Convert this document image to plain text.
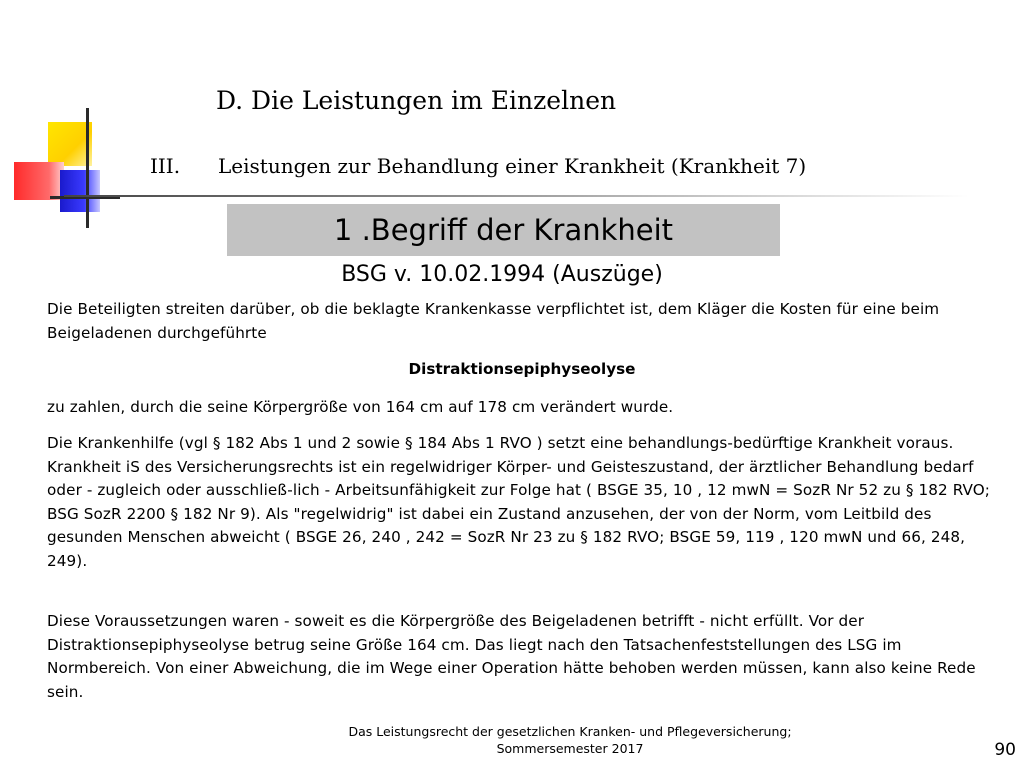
D. Die Leistungen im Einzelnen
III. Leistungen zur Behandlung einer Krankheit (Krankheit 7)
1 .Begriff der Krankheit
BSG v. 10.02.1994 (Auszüge)
Die Beteiligten streiten darüber, ob die beklagte Krankenkasse verpflichtet ist, dem Kläger die Kosten für eine beim Beigeladenen durchgeführte
Distraktionsepiphyseolyse
zu zahlen, durch die seine Körpergröße von 164 cm auf 178 cm verändert wurde.
Die Krankenhilfe (vgl § 182 Abs 1 und 2 sowie § 184 Abs 1 RVO ) setzt eine behandlungs-bedürftige Krankheit voraus. Krankheit iS des Versicherungsrechts ist ein regelwidriger Körper- und Geisteszustand, der ärztlicher Behandlung bedarf oder - zugleich oder ausschließ-lich - Arbeitsunfähigkeit zur Folge hat ( BSGE 35, 10 , 12 mwN = SozR Nr 52 zu § 182 RVO; BSG SozR 2200 § 182 Nr 9). Als "regelwidrig" ist dabei ein Zustand anzusehen, der von der Norm, vom Leitbild des gesunden Menschen abweicht ( BSGE 26, 240 , 242 = SozR Nr 23 zu § 182 RVO; BSGE 59, 119 , 120 mwN und 66, 248, 249).
Diese Voraussetzungen waren - soweit es die Körpergröße des Beigeladenen betrifft - nicht erfüllt. Vor der Distraktionsepiphyseolyse betrug seine Größe 164 cm. Das liegt nach den Tatsachenfeststellungen des LSG im Normbereich. Von einer Abweichung, die im Wege einer Operation hätte behoben werden müssen, kann also keine Rede sein.
Das Leistungsrecht der gesetzlichen Kranken- und Pflegeversicherung;
Sommersemester 2017	90
